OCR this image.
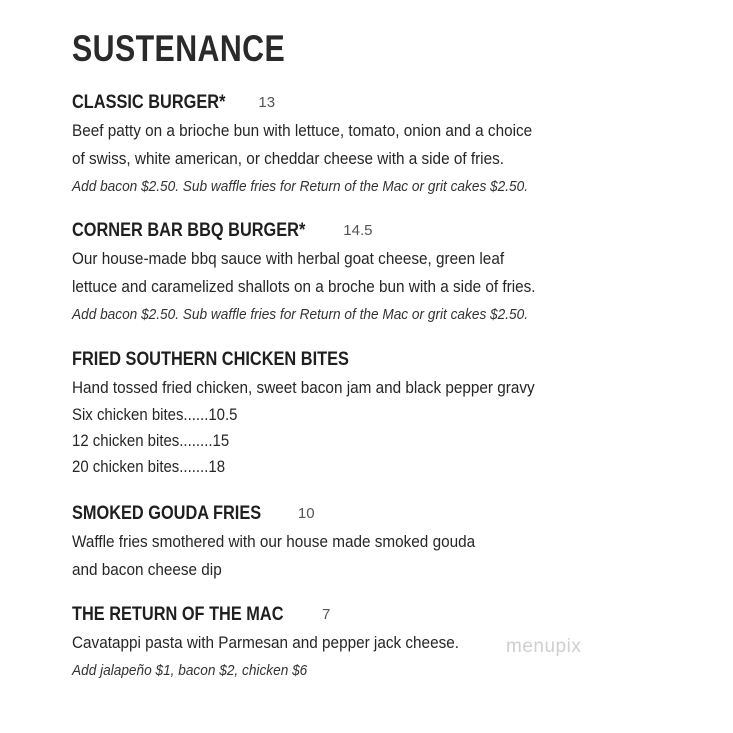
SUSTENANCE
CLASSIC BURGER* 13
Beef patty on a brioche bun with lettuce, tomato, onion and a choice
of swiss, white american, or cheddar cheese with a side of fries.
Add bacon $2.50. Sub waffle fries for Return of the Mac or grit cakes $2.50.
CORNER BAR BBQ BURGER*	14.5
Our house-made bbq sauce with herbal goat cheese, green leaf
lettuce and caramelized shallots on a broche bun with a side of fries.
Add bacon $2.50. Sub waffle fries for Return of the Mac or grit cakes $2.50.
FRIED SOUTHERN CHICKEN BITES
Hand tossed fried chicken, sweet bacon jam and black pepper gravy
Six chicken bites......10.5
12 chicken bites........15
20 chicken bites.......18
SMOKED GOUDA FRIES 10
Waffle fries smothered with our house made smoked gouda
and bacon cheese dip
THE RETURN OF THE MAC	7
Cavatappi pasta with Parmesan and pepper jack cheese.
Add jalapeño $1, bacon $2, chicken $6
menupix
